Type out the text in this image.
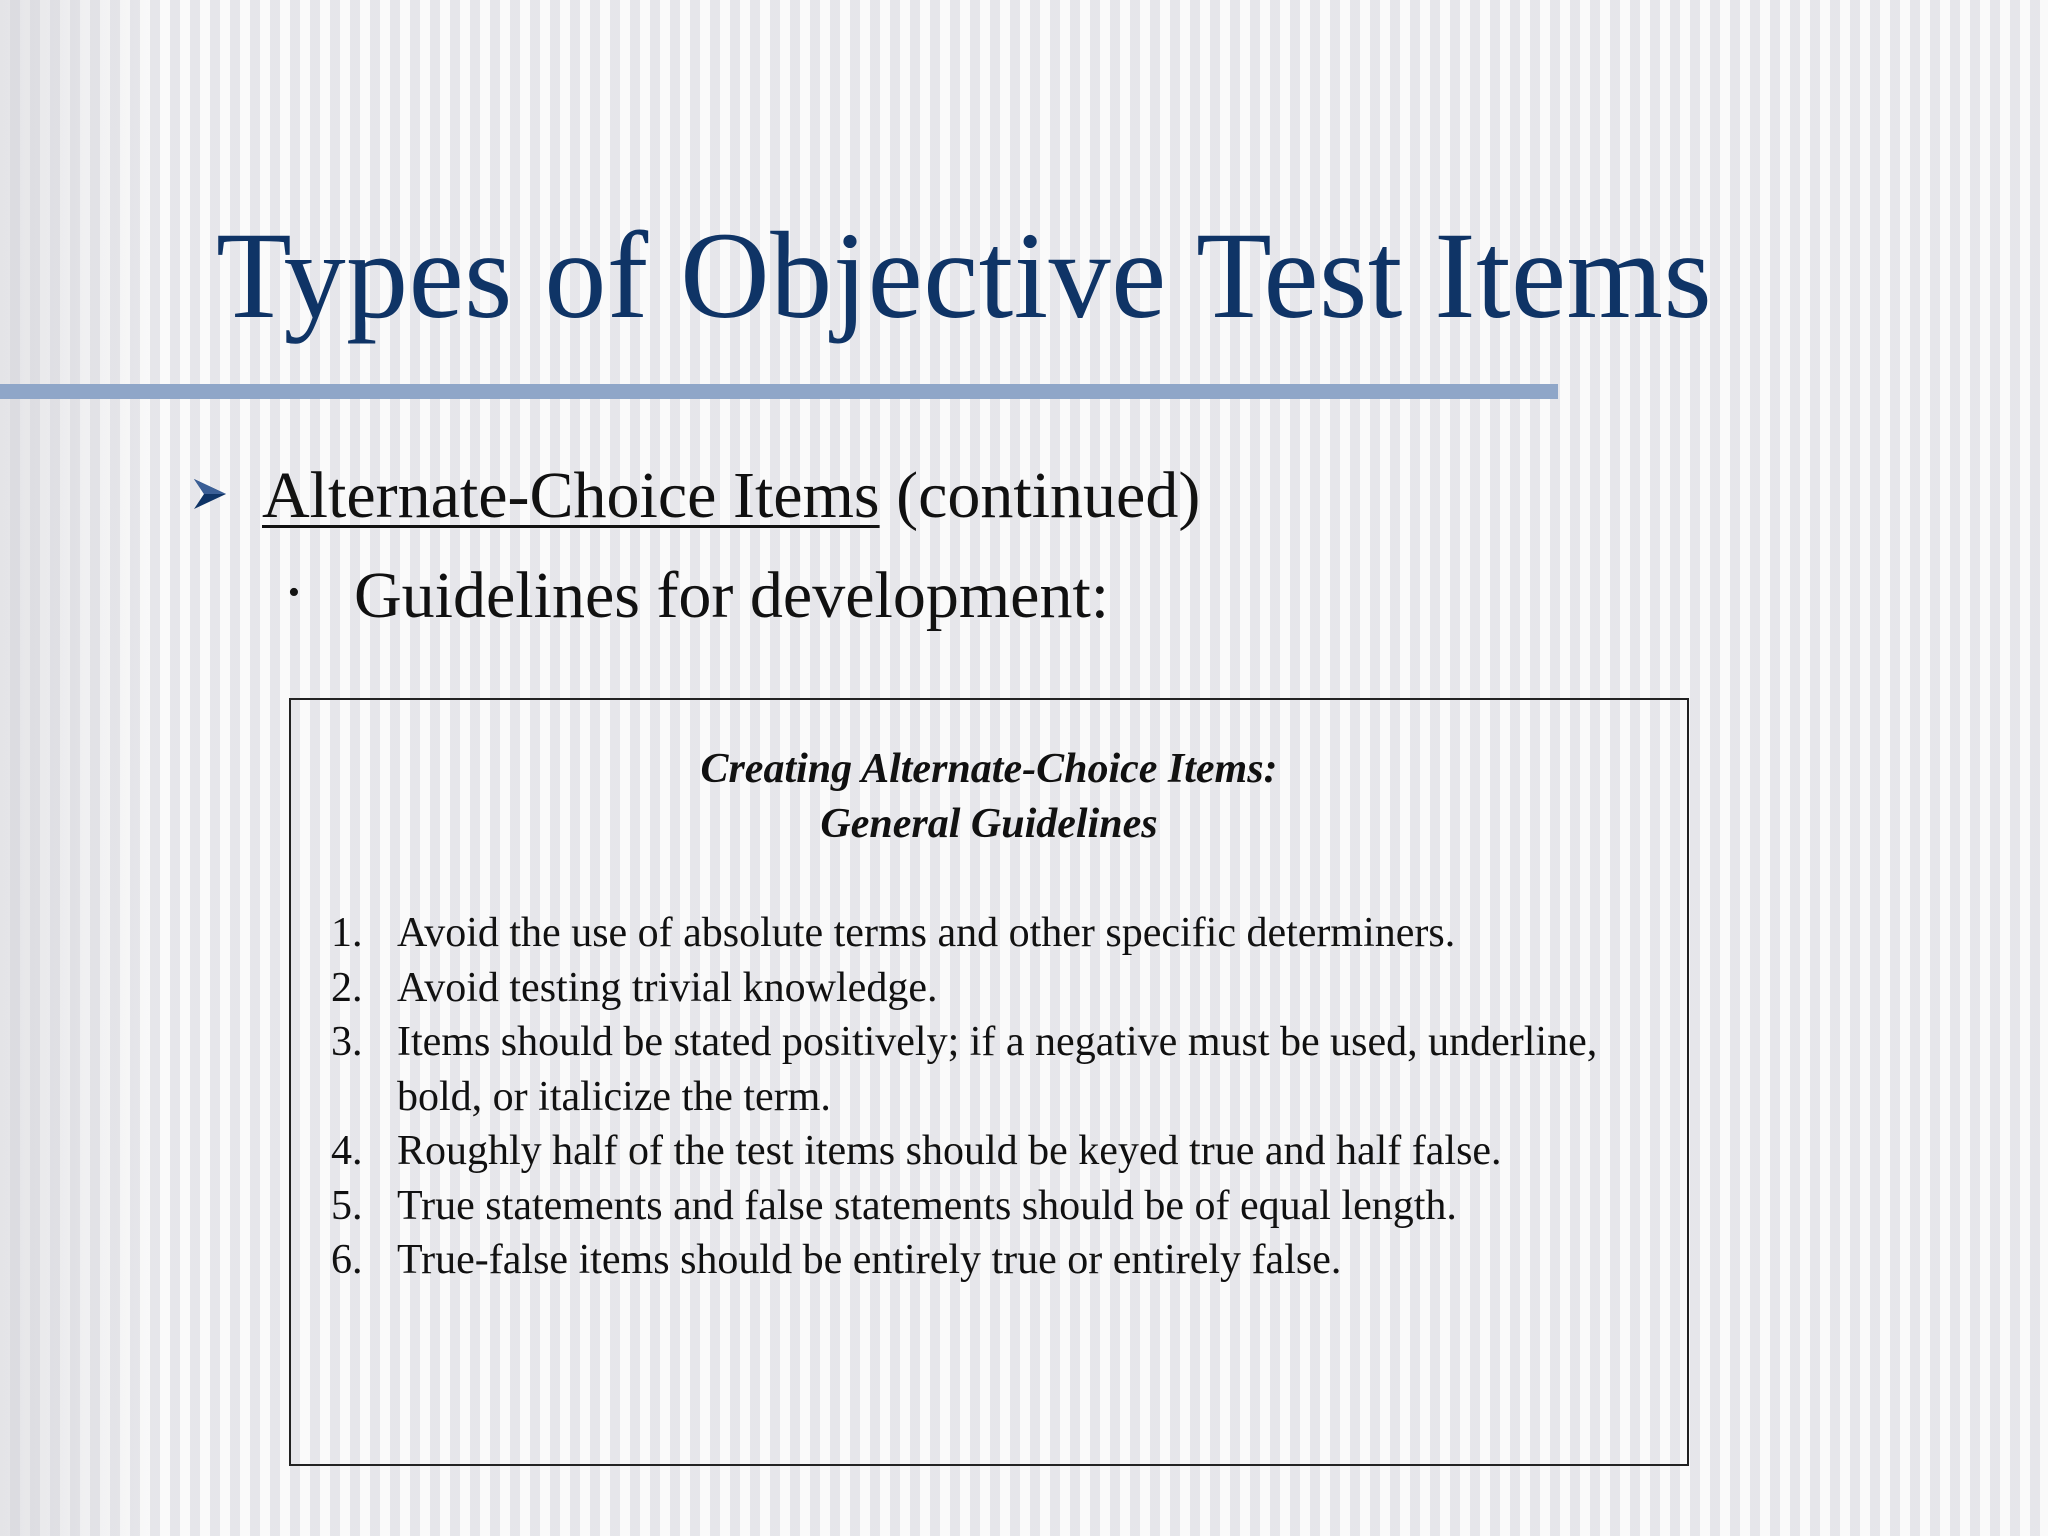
Types of Objective Test Items
Alternate-Choice Items (continued)
• Guidelines for development:

Creating Alternate-Choice Items:
General Guidelines

1. Avoid the use of absolute terms and other specific determiners.
2. Avoid testing trivial knowledge.
3. Items should be stated positively; if a negative must be used, underline, bold, or italicize the term.
4. Roughly half of the test items should be keyed true and half false.
5. True statements and false statements should be of equal length.
6. True-false items should be entirely true or entirely false.
